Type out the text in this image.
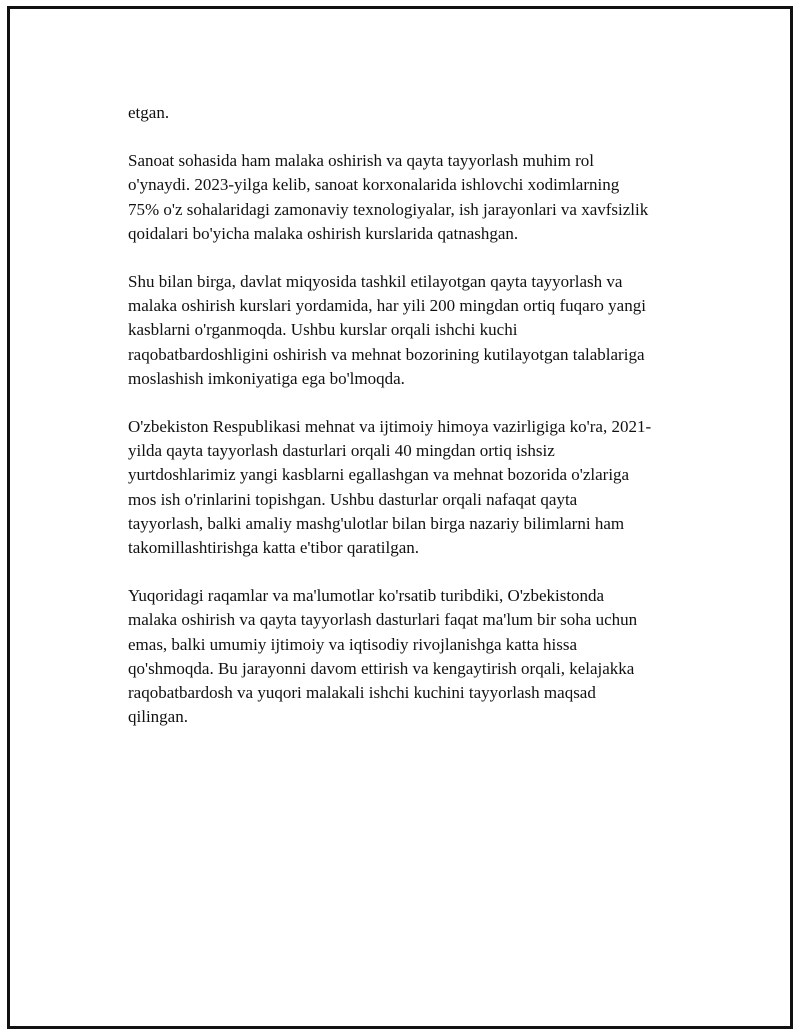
etgan.

Sanoat sohasida ham malaka oshirish va qayta tayyorlash muhim rol
o'ynaydi. 2023-yilga kelib, sanoat korxonalarida ishlovchi xodimlarning
75% o'z sohalaridagi zamonaviy texnologiyalar, ish jarayonlari va xavfsizlik
qoidalari bo'yicha malaka oshirish kurslarida qatnashgan.

Shu bilan birga, davlat miqyosida tashkil etilayotgan qayta tayyorlash va
malaka oshirish kurslari yordamida, har yili 200 mingdan ortiq fuqaro yangi
kasblarni o'rganmoqda. Ushbu kurslar orqali ishchi kuchi
raqobatbardoshligini oshirish va mehnat bozorining kutilayotgan talablariga
moslashish imkoniyatiga ega bo'lmoqda.

O'zbekiston Respublikasi mehnat va ijtimoiy himoya vazirligiga ko'ra, 2021-
yilda qayta tayyorlash dasturlari orqali 40 mingdan ortiq ishsiz
yurtdoshlarimiz yangi kasblarni egallashgan va mehnat bozorida o'zlariga
mos ish o'rinlarini topishgan. Ushbu dasturlar orqali nafaqat qayta
tayyorlash, balki amaliy mashg'ulotlar bilan birga nazariy bilimlarni ham
takomillashtirishga katta e'tibor qaratilgan.

Yuqoridagi raqamlar va ma'lumotlar ko'rsatib turibdiki, O'zbekistonda
malaka oshirish va qayta tayyorlash dasturlari faqat ma'lum bir soha uchun
emas, balki umumiy ijtimoiy va iqtisodiy rivojlanishga katta hissa
qo'shmoqda. Bu jarayonni davom ettirish va kengaytirish orqali, kelajakka
raqobatbardosh va yuqori malakali ishchi kuchini tayyorlash maqsad
qilingan.
